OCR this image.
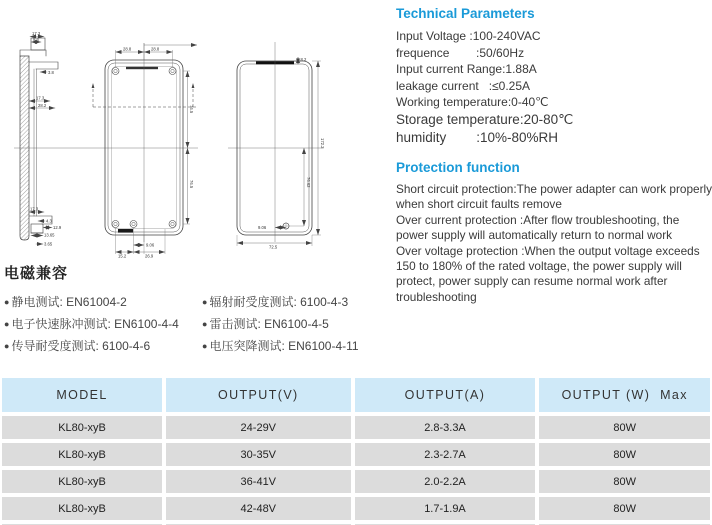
17.3
9.6
3.8
17.3
28.2
17.3
4.3
12.9
13.65
3.65
28.8	28.8
76.5
76.5
9.06
15.2	26.9
8.2
172.2
76.62
9.06
72.5
Technical Parameters
Input Voltage :100-240VAC
frequence        :50/60Hz
Input current Range:1.88A
leakage current   :≤0.25A
Working temperature:0-40℃
Storage temperature:20-80℃
humidity        :10%-80%RH
Protection function
Short circuit protection:The power adapter can work properly
when short circuit faults remove
Over current protection :After flow troubleshooting, the
power supply will automatically return to normal work
Over voltage protection :When the output voltage exceeds
150 to 180% of the rated voltage, the power supply will
protect, power supply can resume normal work after
troubleshooting
电磁兼容
● 静电测试: EN61004-2	● 辐射耐受度测试: 6100-4-3
● 电子快速脉冲测试: EN6100-4-4	● 雷击测试: EN6100-4-5
● 传导耐受度测试: 6100-4-6	● 电压突降测试: EN6100-4-11
MODEL	OUTPUT(V)	OUTPUT(A)	OUTPUT (W)  Max
KL80-xyB	24-29V	2.8-3.3A	80W
KL80-xyB	30-35V	2.3-2.7A	80W
KL80-xyB	36-41V	2.0-2.2A	80W
KL80-xyB	42-48V	1.7-1.9A	80W
